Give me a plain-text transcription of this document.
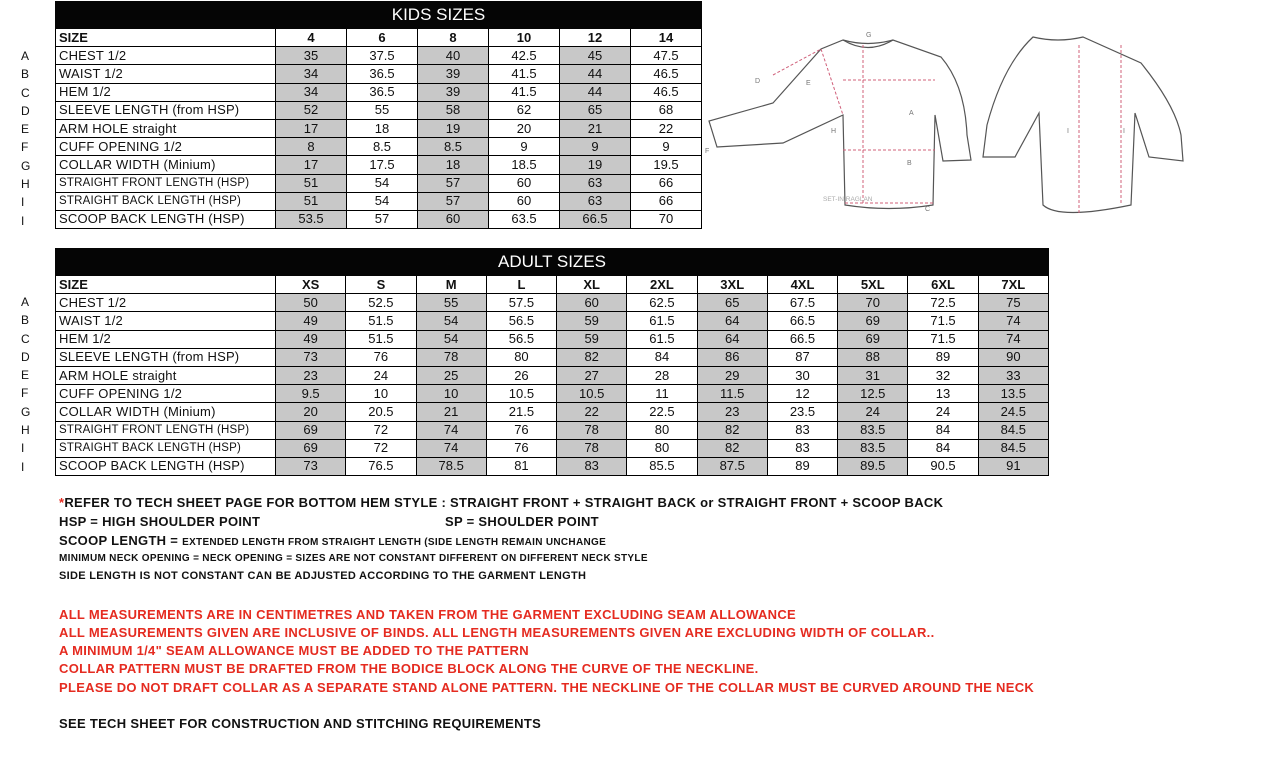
KIDS SIZES						
SIZE	4	6	8	10	12	14
CHEST 1/2	35	37.5	40	42.5	45	47.5
WAIST 1/2	34	36.5	39	41.5	44	46.5
HEM 1/2	34	36.5	39	41.5	44	46.5
SLEEVE LENGTH (from HSP)	52	55	58	62	65	68
ARM HOLE straight	17	18	19	20	21	22
CUFF OPENING 1/2	8	8.5	8.5	9	9	9
COLLAR WIDTH (Minium)	17	17.5	18	18.5	19	19.5
STRAIGHT FRONT LENGTH (HSP)	51	54	57	60	63	66
STRAIGHT BACK LENGTH (HSP)	51	54	57	60	63	66
SCOOP BACK LENGTH (HSP)	53.5	57	60	63.5	66.5	70
A
B
C
D
E
F
G
H
I
I
ADULT SIZES											
SIZE	XS	S	M	L	XL	2XL	3XL	4XL	5XL	6XL	7XL
CHEST 1/2	50	52.5	55	57.5	60	62.5	65	67.5	70	72.5	75
WAIST 1/2	49	51.5	54	56.5	59	61.5	64	66.5	69	71.5	74
HEM 1/2	49	51.5	54	56.5	59	61.5	64	66.5	69	71.5	74
SLEEVE LENGTH (from HSP)	73	76	78	80	82	84	86	87	88	89	90
ARM HOLE straight	23	24	25	26	27	28	29	30	31	32	33
CUFF OPENING 1/2	9.5	10	10	10.5	10.5	11	11.5	12	12.5	13	13.5
COLLAR WIDTH (Minium)	20	20.5	21	21.5	22	22.5	23	23.5	24	24	24.5
STRAIGHT FRONT LENGTH (HSP)	69	72	74	76	78	80	82	83	83.5	84	84.5
STRAIGHT BACK LENGTH (HSP)	69	72	74	76	78	80	82	83	83.5	84	84.5
SCOOP BACK LENGTH (HSP)	73	76.5	78.5	81	83	85.5	87.5	89	89.5	90.5	91
A
B
C
D
E
F
G
H
I
I
G
D	E
A
H
B
C
F
I	I
SET-IN RAGLAN
*REFER TO TECH SHEET PAGE FOR BOTTOM HEM STYLE : STRAIGHT FRONT + STRAIGHT BACK or STRAIGHT FRONT + SCOOP BACK
HSP = HIGH SHOULDER POINT	SP = SHOULDER POINT
SCOOP LENGTH = EXTENDED LENGTH FROM STRAIGHT LENGTH (SIDE LENGTH REMAIN UNCHANGE
MINIMUM NECK OPENING = NECK OPENING = SIZES ARE NOT CONSTANT DIFFERENT ON DIFFERENT NECK STYLE
SIDE LENGTH IS NOT CONSTANT CAN BE ADJUSTED ACCORDING TO THE GARMENT LENGTH
ALL MEASUREMENTS ARE IN CENTIMETRES AND TAKEN FROM THE GARMENT EXCLUDING SEAM ALLOWANCE
ALL MEASUREMENTS GIVEN ARE INCLUSIVE OF BINDS. ALL LENGTH MEASUREMENTS GIVEN ARE EXCLUDING WIDTH OF COLLAR..
A MINIMUM 1/4" SEAM ALLOWANCE MUST BE ADDED TO THE PATTERN
COLLAR PATTERN MUST BE DRAFTED FROM THE BODICE BLOCK ALONG THE CURVE OF THE NECKLINE.
PLEASE DO NOT DRAFT COLLAR AS A SEPARATE STAND ALONE PATTERN. THE NECKLINE OF THE COLLAR MUST BE CURVED AROUND THE NECK
SEE TECH SHEET FOR CONSTRUCTION AND STITCHING REQUIREMENTS
